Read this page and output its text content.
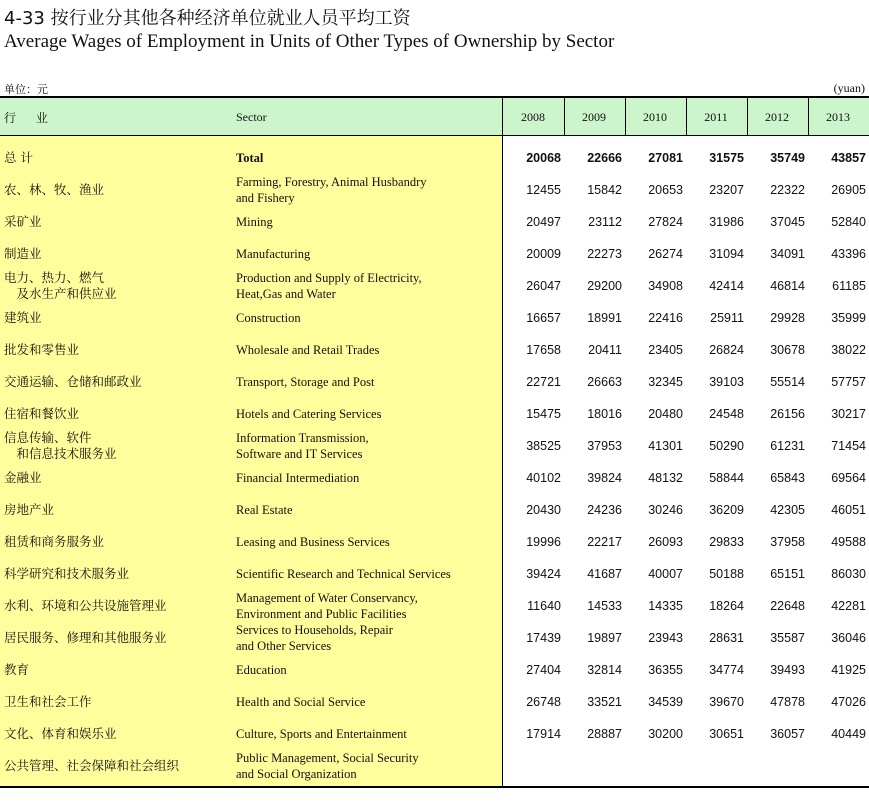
4-33 按行业分其他各种经济单位就业人员平均工资
Average Wages of Employment in Units of Other Types of Ownership by Sector
单位：元	(yuan)
行 业	Sector	2008	2009	2010	2011	2012	2013
总 计	Total	20068	22666	27081	31575	35749	43857
农、林、牧、渔业	Farming, Forestry, Animal Husbandry
and Fishery
12455	15842	20653	23207	22322	26905
采矿业	Mining	20497	23112	27824	31986	37045	52840
制造业	Manufacturing	20009	22273	26274	31094	34091	43396
电力、热力、燃气
　及水生产和供应业
Production and Supply of Electricity,
Heat,Gas and Water
26047	29200	34908	42414	46814	61185
建筑业	Construction	16657	18991	22416	25911	29928	35999
批发和零售业	Wholesale and Retail Trades	17658	20411	23405	26824	30678	38022
交通运输、仓储和邮政业	Transport, Storage and Post	22721	26663	32345	39103	55514	57757
住宿和餐饮业	Hotels and Catering Services	15475	18016	20480	24548	26156	30217
信息传输、软件
　和信息技术服务业
Information Transmission,
Software and IT Services
38525	37953	41301	50290	61231	71454
金融业	Financial Intermediation	40102	39824	48132	58844	65843	69564
房地产业	Real Estate	20430	24236	30246	36209	42305	46051
租赁和商务服务业	Leasing and Business Services	19996	22217	26093	29833	37958	49588
科学研究和技术服务业	Scientific Research and Technical Services	39424	41687	40007	50188	65151	86030
水利、环境和公共设施管理业	Management of Water Conservancy,
Environment and Public Facilities
11640	14533	14335	18264	22648	42281
居民服务、修理和其他服务业	Services to Households, Repair
and Other Services
17439	19897	23943	28631	35587	36046
教育	Education	27404	32814	36355	34774	39493	41925
卫生和社会工作	Health and Social Service	26748	33521	34539	39670	47878	47026
文化、体育和娱乐业	Culture, Sports and Entertainment	17914	28887	30200	30651	36057	40449
公共管理、社会保障和社会组织	Public Management, Social Security
and Social Organization
